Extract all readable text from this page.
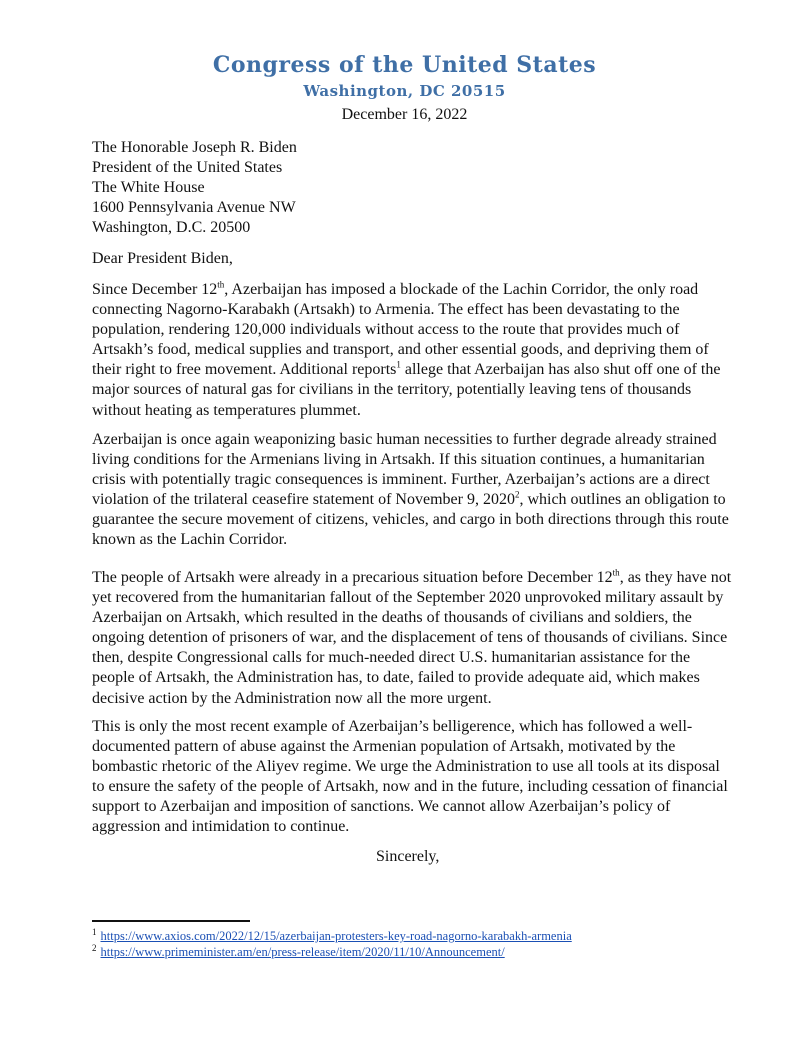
Congress of the United States
Washington, DC 20515
December 16, 2022
The Honorable Joseph R. Biden
President of the United States
The White House
1600 Pennsylvania Avenue NW
Washington, D.C. 20500
Dear President Biden,
Since December 12th, Azerbaijan has imposed a blockade of the Lachin Corridor, the only road connecting Nagorno-Karabakh (Artsakh) to Armenia. The effect has been devastating to the population, rendering 120,000 individuals without access to the route that provides much of Artsakh’s food, medical supplies and transport, and other essential goods, and depriving them of their right to free movement. Additional reports$^1$ allege that Azerbaijan has also shut off one of the major sources of natural gas for civilians in the territory, potentially leaving tens of thousands without heating as temperatures plummet.
Azerbaijan is once again weaponizing basic human necessities to further degrade already strained living conditions for the Armenians living in Artsakh. If this situation continues, a humanitarian crisis with potentially tragic consequences is imminent. Further, Azerbaijan’s actions are a direct violation of the trilateral ceasefire statement of November 9, 2020$^2$, which outlines an obligation to guarantee the secure movement of citizens, vehicles, and cargo in both directions through this route known as the Lachin Corridor.
The people of Artsakh were already in a precarious situation before December 12th, as they have not yet recovered from the humanitarian fallout of the September 2020 unprovoked military assault by Azerbaijan on Artsakh, which resulted in the deaths of thousands of civilians and soldiers, the ongoing detention of prisoners of war, and the displacement of tens of thousands of civilians. Since then, despite Congressional calls for much-needed direct U.S. humanitarian assistance for the people of Artsakh, the Administration has, to date, failed to provide adequate aid, which makes decisive action by the Administration now all the more urgent.
This is only the most recent example of Azerbaijan’s belligerence, which has followed a well-documented pattern of abuse against the Armenian population of Artsakh, motivated by the bombastic rhetoric of the Aliyev regime. We urge the Administration to use all tools at its disposal to ensure the safety of the people of Artsakh, now and in the future, including cessation of financial support to Azerbaijan and imposition of sanctions. We cannot allow Azerbaijan’s policy of aggression and intimidation to continue.
Sincerely,
$^1$ https://www.axios.com/2022/12/15/azerbaijan-protesters-key-road-nagorno-karabakh-armenia
$^2$ https://www.primeminister.am/en/press-release/item/2020/11/10/Announcement/
